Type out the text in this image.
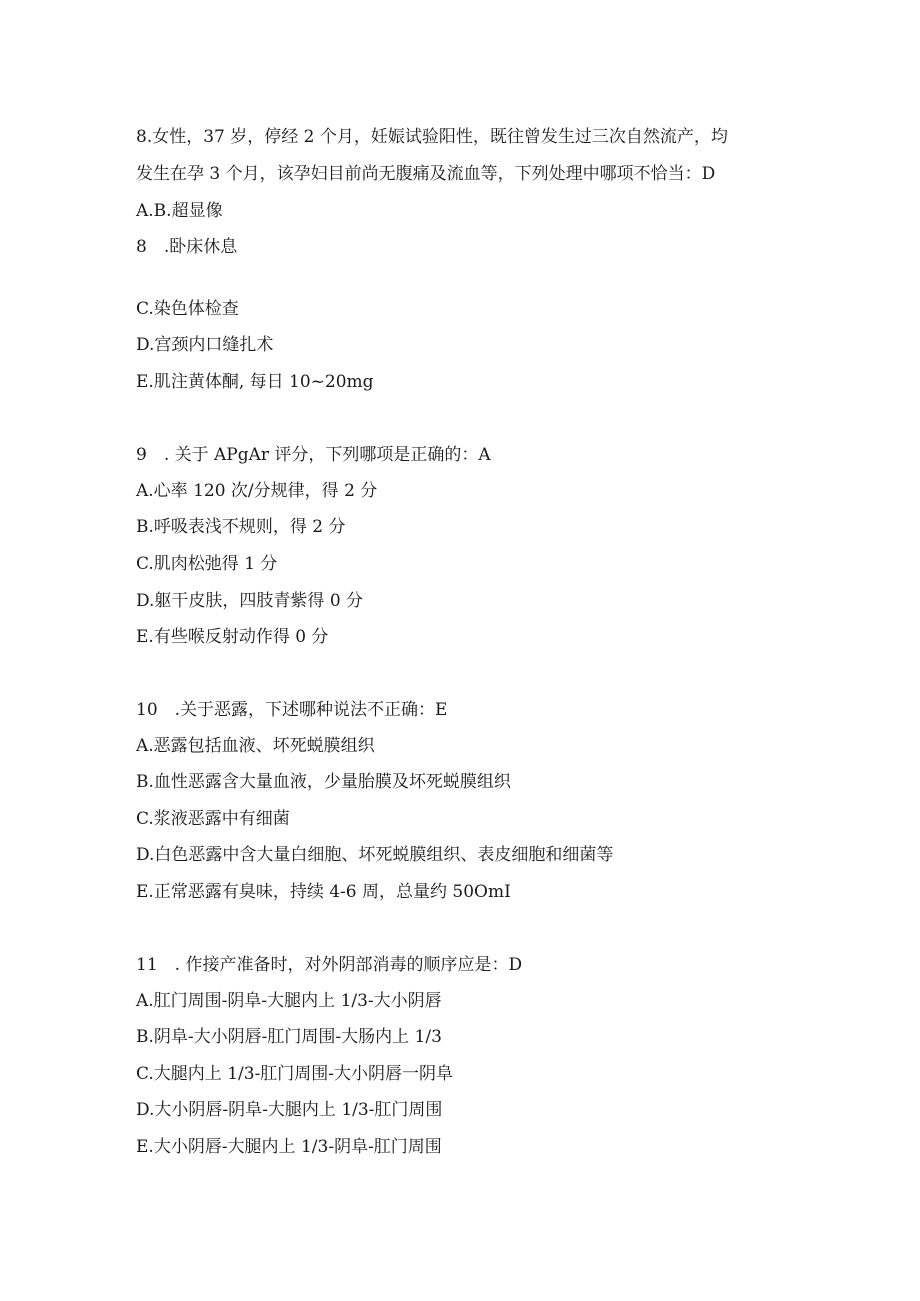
8.女性，37 岁，停经 2 个月，妊娠试验阳性，既往曾发生过三次自然流产，均
发生在孕 3 个月，该孕妇目前尚无腹痛及流血等，下列处理中哪项不恰当：D
A.B.超显像
8　.卧床休息
C.染色体检查
D.宫颈内口缝扎术
E.肌注黄体酮, 每日 10~20mg
9　. 关于 APgAr 评分，下列哪项是正确的：A
A.心率 120 次/分规律，得 2 分
B.呼吸表浅不规则，得 2 分
C.肌肉松弛得 1 分
D.躯干皮肤，四肢青紫得 0 分
E.有些喉反射动作得 0 分
10　.关于恶露，下述哪种说法不正确：E
A.恶露包括血液、坏死蜕膜组织
B.血性恶露含大量血液，少量胎膜及坏死蜕膜组织
C.浆液恶露中有细菌
D.白色恶露中含大量白细胞、坏死蜕膜组织、表皮细胞和细菌等
E.正常恶露有臭味，持续 4-6 周，总量约 50OmI
11　. 作接产准备时，对外阴部消毒的顺序应是：D
A.肛门周围-阴阜-大腿内上 1/3-大小阴唇
B.阴阜-大小阴唇-肛门周围-大肠内上 1/3
C.大腿内上 1/3-肛门周围-大小阴唇一阴阜
D.大小阴唇-阴阜-大腿内上 1/3-肛门周围
E.大小阴唇-大腿内上 1/3-阴阜-肛门周围
